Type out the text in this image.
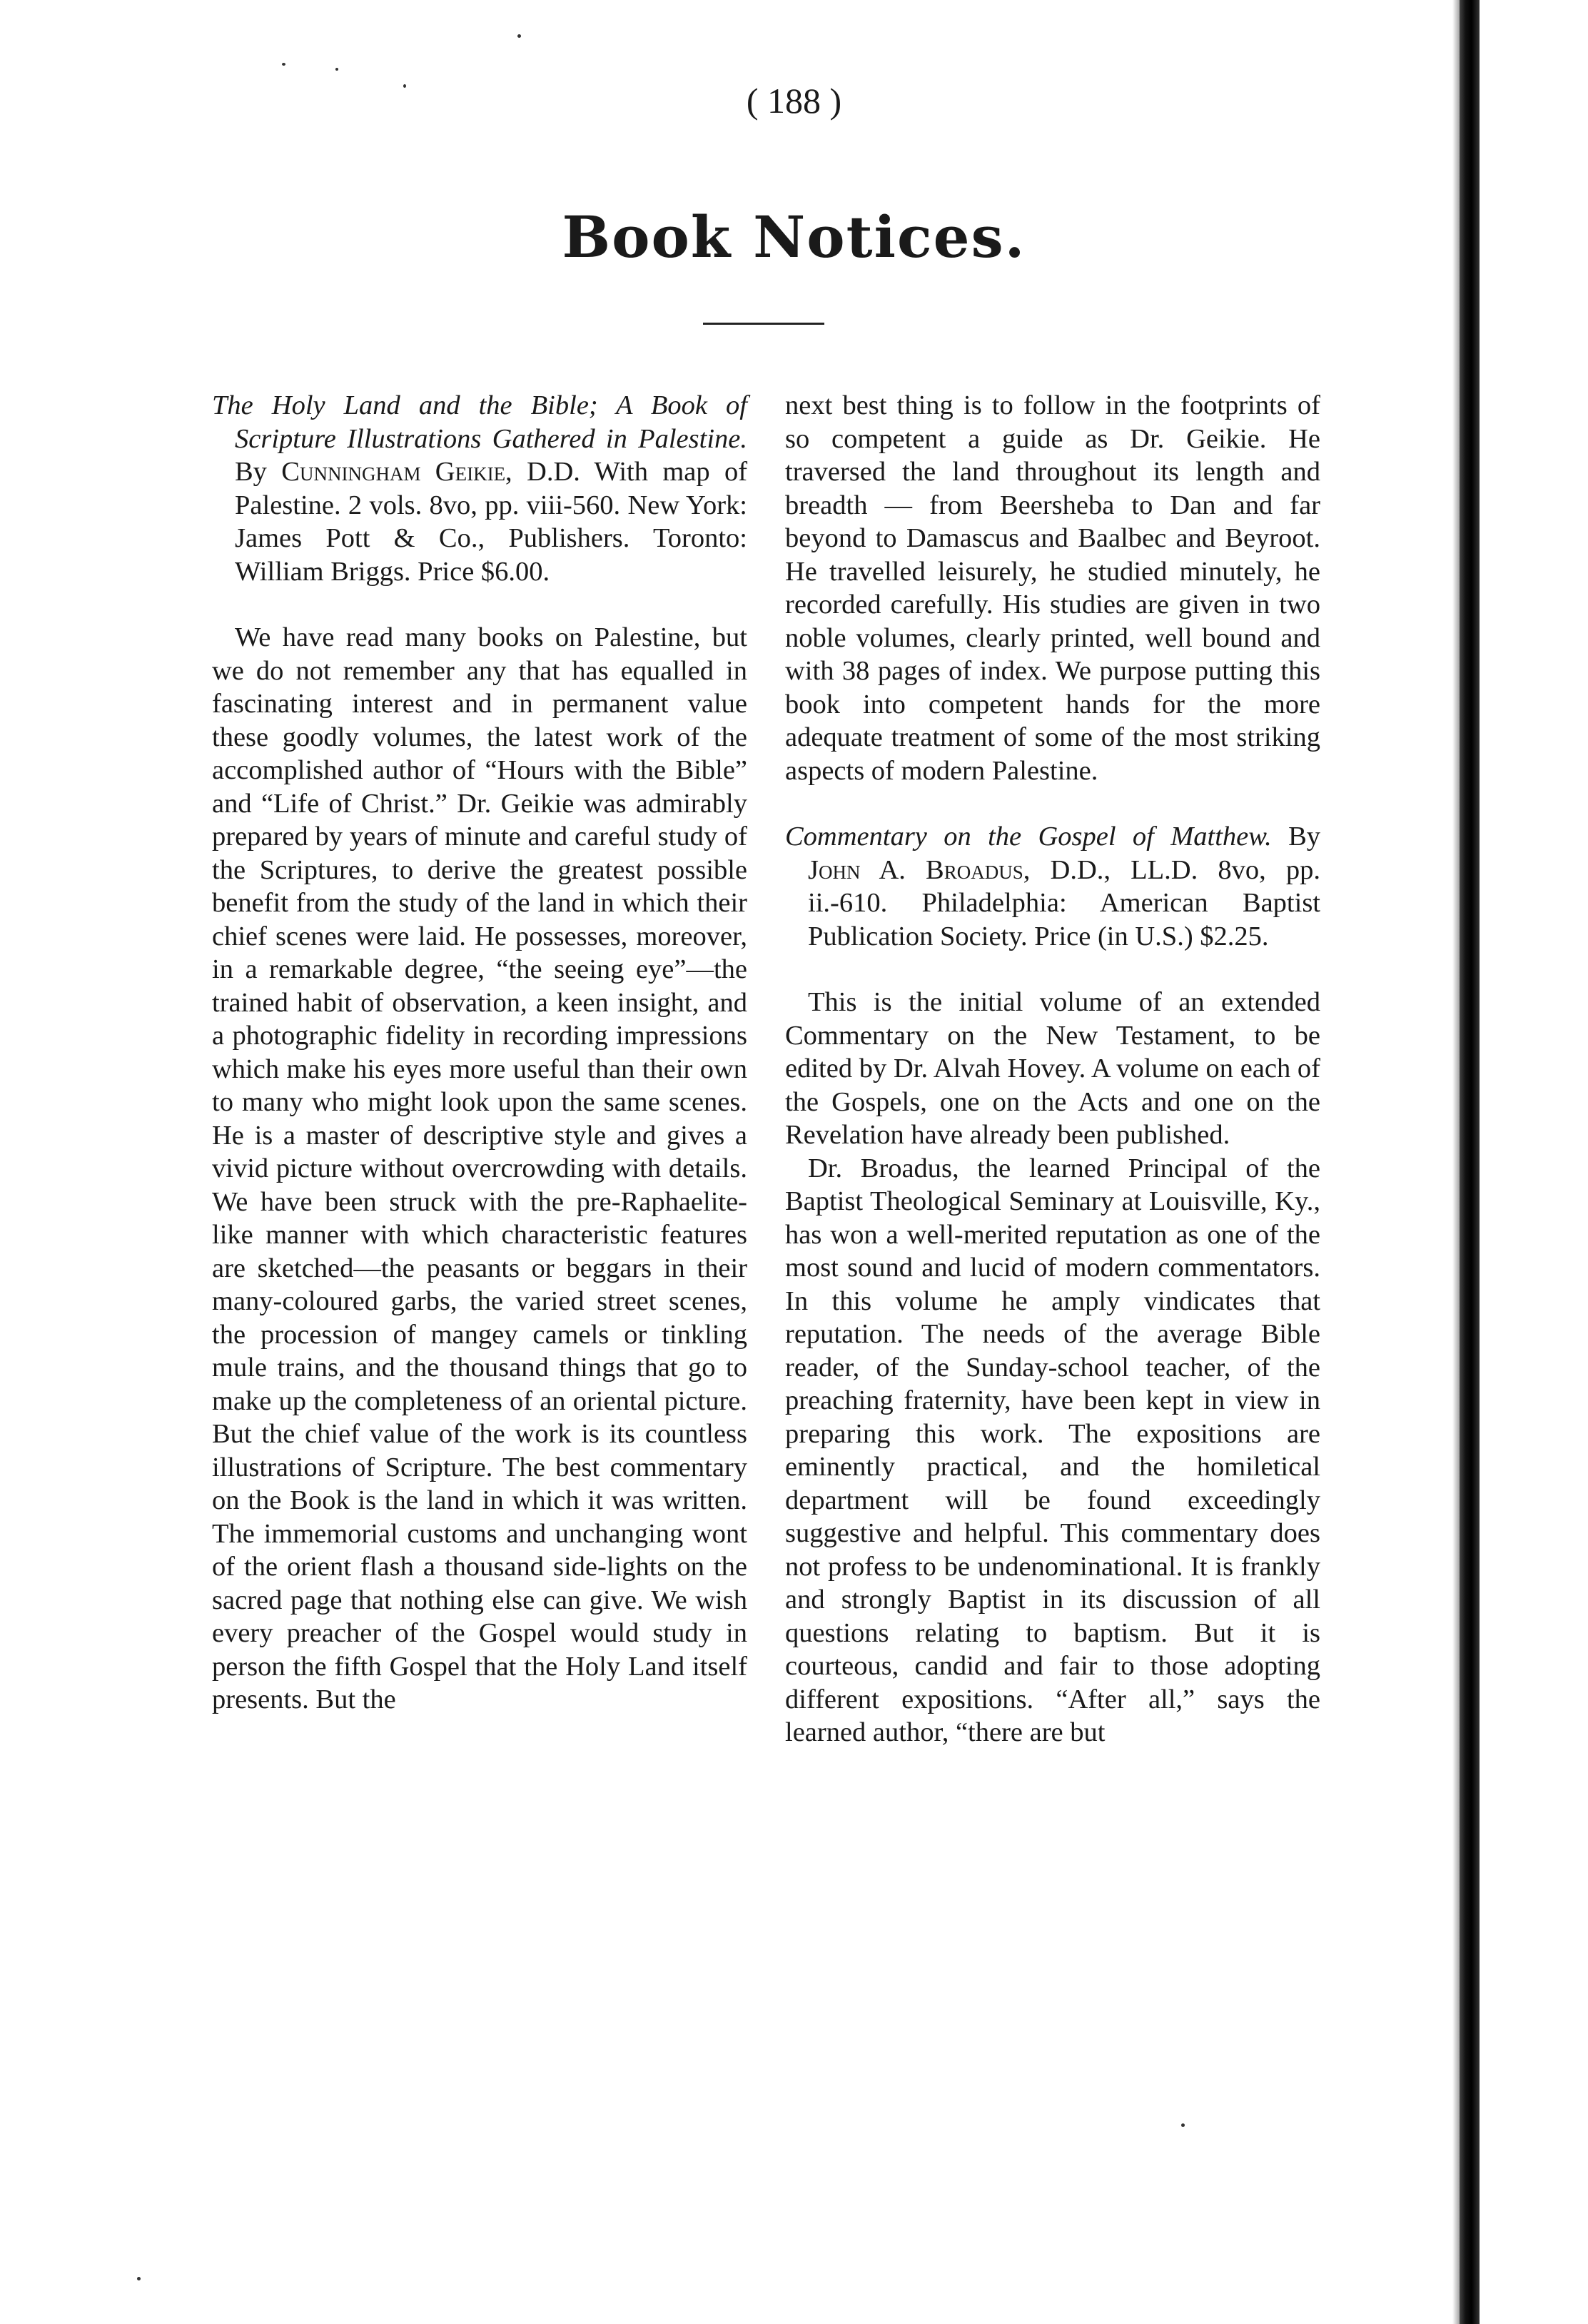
( 188 )
Book Notices.

The Holy Land and the Bible; A Book of Scripture Illustrations Gathered in Palestine. By Cunningham Geikie, D.D. With map of Palestine. 2 vols. 8vo, pp. viii-560. New York: James Pott & Co., Publishers. Toronto: William Briggs. Price $6.00.

We have read many books on Palestine, but we do not remember any that has equalled in fascinating interest and in permanent value these goodly volumes, the latest work of the accomplished author of “Hours with the Bible” and “Life of Christ.” Dr. Geikie was admirably prepared by years of minute and careful study of the Scriptures, to derive the greatest possible benefit from the study of the land in which their chief scenes were laid. He possesses, moreover, in a remarkable degree, “the seeing eye”—the trained habit of observation, a keen insight, and a photographic fidelity in recording impressions which make his eyes more useful than their own to many who might look upon the same scenes. He is a master of descriptive style and gives a vivid picture without overcrowding with details. We have been struck with the pre-Raphaelite-like manner with which characteristic features are sketched—the peasants or beggars in their many-coloured garbs, the varied street scenes, the procession of mangey camels or tinkling mule trains, and the thousand things that go to make up the completeness of an oriental picture. But the chief value of the work is its countless illustrations of Scripture. The best commentary on the Book is the land in which it was written. The immemorial customs and unchanging wont of the orient flash a thousand side-lights on the sacred page that nothing else can give. We wish every preacher of the Gospel would study in person the fifth Gospel that the Holy Land itself presents. But the

next best thing is to follow in the footprints of so competent a guide as Dr. Geikie. He traversed the land throughout its length and breadth — from Beersheba to Dan and far beyond to Damascus and Baalbec and Beyroot. He travelled leisurely, he studied minutely, he recorded carefully. His studies are given in two noble volumes, clearly printed, well bound and with 38 pages of index. We purpose putting this book into competent hands for the more adequate treatment of some of the most striking aspects of modern Palestine.

Commentary on the Gospel of Matthew. By John A. Broadus, D.D., LL.D. 8vo, pp. ii.-610. Philadelphia: American Baptist Publication Society. Price (in U.S.) $2.25.

This is the initial volume of an extended Commentary on the New Testament, to be edited by Dr. Alvah Hovey. A volume on each of the Gospels, one on the Acts and one on the Revelation have already been published.

Dr. Broadus, the learned Principal of the Baptist Theological Seminary at Louisville, Ky., has won a well-merited reputation as one of the most sound and lucid of modern commentators. In this volume he amply vindicates that reputation. The needs of the average Bible reader, of the Sunday-school teacher, of the preaching fraternity, have been kept in view in preparing this work. The expositions are eminently practical, and the homiletical department will be found exceedingly suggestive and helpful. This commentary does not profess to be undenominational. It is frankly and strongly Baptist in its discussion of all questions relating to baptism. But it is courteous, candid and fair to those adopting different expositions. “After all,” says the learned author, “there are but
